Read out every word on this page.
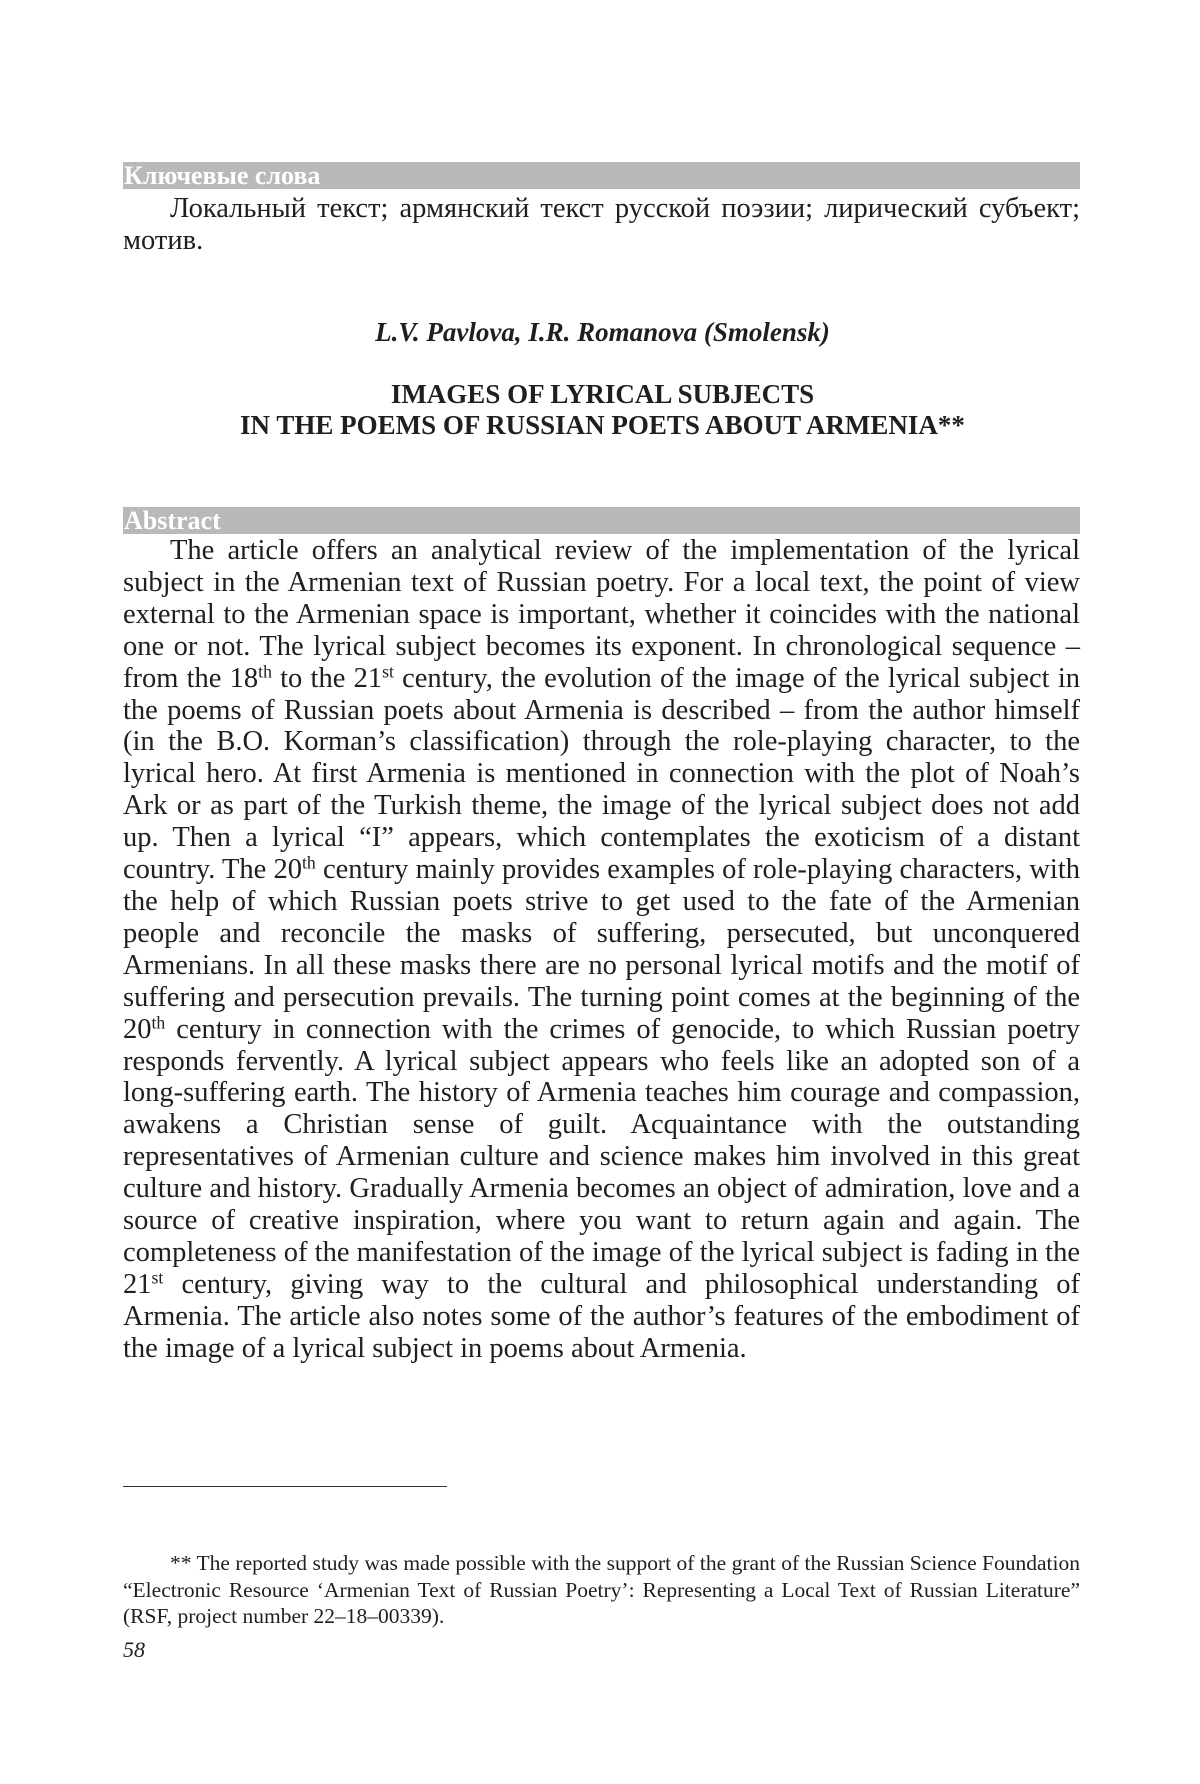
Ключевые слова

Локальный текст; армянский текст русской поэзии; лирический субъект; мотив.

L.V. Pavlova, I.R. Romanova (Smolensk)
IMAGES OF LYRICAL SUBJECTS
IN THE POEMS OF RUSSIAN POETS ABOUT ARMENIA**
Abstract

The article offers an analytical review of the implementation of the lyrical subject in the Armenian text of Russian poetry. For a local text, the point of view external to the Armenian space is important, whether it coincides with the national one or not. The lyrical subject becomes its exponent. In chronological sequence – from the 18th to the 21st century, the evolution of the image of the lyrical subject in the poems of Russian poets about Armenia is described – from the author himself (in the B.O. Korman’s classification) through the role-playing character, to the lyrical hero. At first Armenia is mentioned in connection with the plot of Noah’s Ark or as part of the Turkish theme, the image of the lyrical subject does not add up. Then a lyrical “I” appears, which contemplates the exoticism of a distant country. The 20th century mainly provides examples of role-playing characters, with the help of which Russian poets strive to get used to the fate of the Armenian people and reconcile the masks of suffering, persecuted, but unconquered Armenians. In all these masks there are no personal lyrical motifs and the motif of suffering and persecution prevails. The turning point comes at the beginning of the 20th century in connection with the crimes of genocide, to which Russian poetry responds fervently. A lyrical subject appears who feels like an adopted son of a long-suffering earth. The history of Armenia teaches him courage and compassion, awakens a Christian sense of guilt. Acquaintance with the outstanding representatives of Armenian culture and science makes him involved in this great culture and history. Gradually Armenia becomes an object of admiration, love and a source of creative inspiration, where you want to return again and again. The completeness of the manifestation of the image of the lyrical subject is fading in the 21st century, giving way to the cultural and philosophical understanding of Armenia. The article also notes some of the author’s features of the embodiment of the image of a lyrical subject in poems about Armenia.

** The reported study was made possible with the support of the grant of the Russian Science Foundation “Electronic Resource ‘Armenian Text of Russian Poetry’: Representing a Local Text of Russian Literature” (RSF, project number 22–18–00339).

58
